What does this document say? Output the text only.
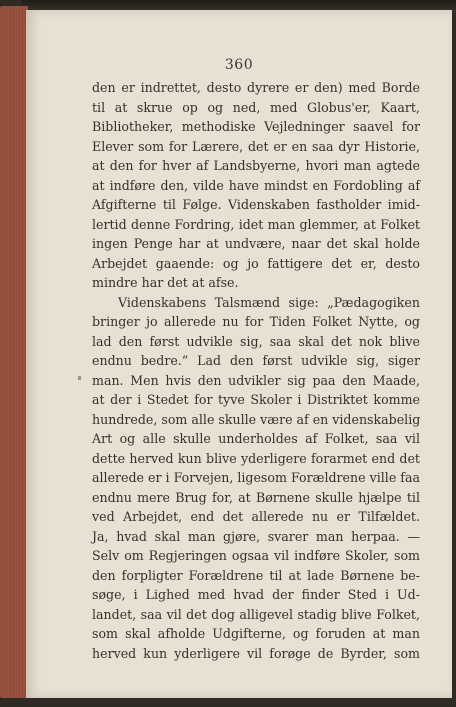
360
den er indrettet, desto dyrere er den) med Borde
til at skrue op og ned, med Globus'er, Kaart,
Bibliotheker, methodiske Vejledninger saavel for
Elever som for Lærere, det er en saa dyr Historie,
at den for hver af Landsbyerne, hvori man agtede
at indføre den, vilde have mindst en Fordobling af
Afgifterne til Følge. Videnskaben fastholder imid-
lertid denne Fordring, idet man glemmer, at Folket
ingen Penge har at undvære, naar det skal holde
Arbejdet gaaende: og jo fattigere det er, desto
mindre har det at afse.
Videnskabens Talsmænd sige: „Pædagogiken
bringer jo allerede nu for Tiden Folket Nytte, og
lad den først udvikle sig, saa skal det nok blive
endnu bedre.“ Lad den først udvikle sig, siger
man. Men hvis den udvikler sig paa den Maade,
at der i Stedet for tyve Skoler i Distriktet komme
hundrede, som alle skulle være af en videnskabelig
Art og alle skulle underholdes af Folket, saa vil
dette herved kun blive yderligere forarmet end det
allerede er i Forvejen, ligesom Forældrene ville faa
endnu mere Brug for, at Børnene skulle hjælpe til
ved Arbejdet, end det allerede nu er Tilfældet.
Ja, hvad skal man gjøre, svarer man herpaa. —
Selv om Regjeringen ogsaa vil indføre Skoler, som
den forpligter Forældrene til at lade Børnene be-
søge, i Lighed med hvad der finder Sted i Ud-
landet, saa vil det dog alligevel stadig blive Folket,
som skal afholde Udgifterne, og foruden at man
herved kun yderligere vil forøge de Byrder, som
